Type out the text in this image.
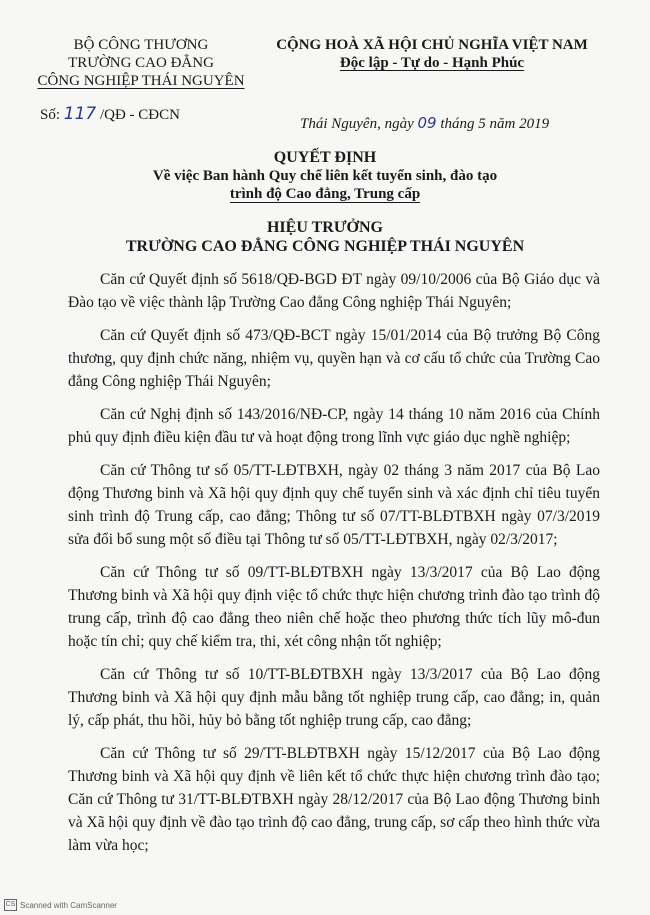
BỘ CÔNG THƯƠNG
TRƯỜNG CAO ĐẲNG
CÔNG NGHIỆP THÁI NGUYÊN
CỘNG HOÀ XÃ HỘI CHỦ NGHĨA VIỆT NAM
Độc lập - Tự do - Hạnh Phúc
Số: 117 /QĐ - CĐCN
Thái Nguyên, ngày 09 tháng 5 năm 2019
QUYẾT ĐỊNH
Về việc Ban hành Quy chế liên kết tuyển sinh, đào tạo
trình độ Cao đẳng, Trung cấp
HIỆU TRƯỞNG
TRƯỜNG CAO ĐẲNG CÔNG NGHIỆP THÁI NGUYÊN

Căn cứ Quyết định số 5618/QĐ-BGD ĐT ngày 09/10/2006 của Bộ Giáo dục và Đào tạo về việc thành lập Trường Cao đẳng Công nghiệp Thái Nguyên;

Căn cứ Quyết định số 473/QĐ-BCT ngày 15/01/2014 của Bộ trưởng Bộ Công thương, quy định chức năng, nhiệm vụ, quyền hạn và cơ cấu tổ chức của Trường Cao đẳng Công nghiệp Thái Nguyên;

Căn cứ Nghị định số 143/2016/NĐ-CP, ngày 14 tháng 10 năm 2016 của Chính phủ quy định điều kiện đầu tư và hoạt động trong lĩnh vực giáo dục nghề nghiệp;

Căn cứ Thông tư số 05/TT-LĐTBXH, ngày 02 tháng 3 năm 2017 của Bộ Lao động Thương binh và Xã hội quy định quy chế tuyển sinh và xác định chỉ tiêu tuyển sinh trình độ Trung cấp, cao đẳng; Thông tư số 07/TT-BLĐTBXH ngày 07/3/2019 sửa đổi bổ sung một số điều tại Thông tư số 05/TT-LĐTBXH, ngày 02/3/2017;

Căn cứ Thông tư số 09/TT-BLĐTBXH ngày 13/3/2017 của Bộ Lao động Thương binh và Xã hội quy định việc tổ chức thực hiện chương trình đào tạo trình độ trung cấp, trình độ cao đẳng theo niên chế hoặc theo phương thức tích lũy mô-đun hoặc tín chỉ; quy chế kiểm tra, thi, xét công nhận tốt nghiệp;

Căn cứ Thông tư số 10/TT-BLĐTBXH ngày 13/3/2017 của Bộ Lao động Thương binh và Xã hội quy định mẫu bằng tốt nghiệp trung cấp, cao đẳng; in, quản lý, cấp phát, thu hồi, hủy bỏ bằng tốt nghiệp trung cấp, cao đẳng;

Căn cứ Thông tư số 29/TT-BLĐTBXH ngày 15/12/2017 của Bộ Lao động Thương binh và Xã hội quy định về liên kết tổ chức thực hiện chương trình đào tạo; Căn cứ Thông tư 31/TT-BLĐTBXH ngày 28/12/2017 của Bộ Lao động Thương binh và Xã hội quy định về đào tạo trình độ cao đẳng, trung cấp, sơ cấp theo hình thức vừa làm vừa học;

CS Scanned with CamScanner
